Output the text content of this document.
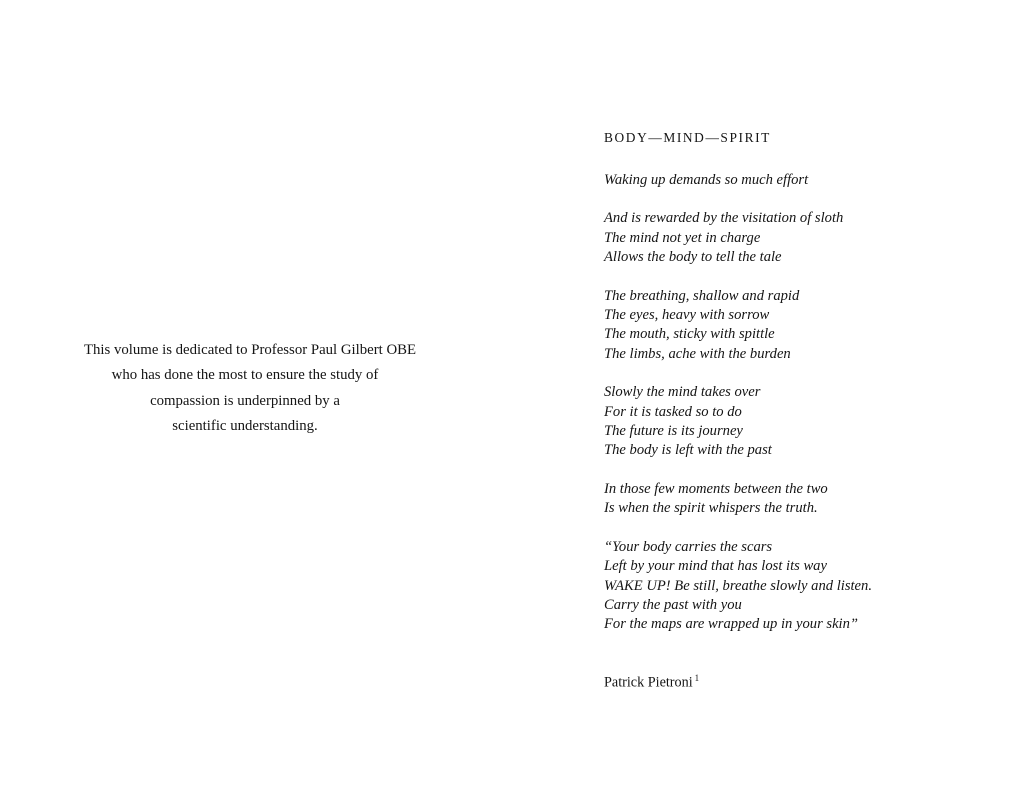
This volume is dedicated to Professor Paul Gilbert OBE
who has done the most to ensure the study of
compassion is underpinned by a
scientific understanding.
BODY—MIND—SPIRIT
Waking up demands so much effort
And is rewarded by the visitation of sloth
The mind not yet in charge
Allows the body to tell the tale
The breathing, shallow and rapid
The eyes, heavy with sorrow
The mouth, sticky with spittle
The limbs, ache with the burden
Slowly the mind takes over
For it is tasked so to do
The future is its journey
The body is left with the past
In those few moments between the two
Is when the spirit whispers the truth.
“Your body carries the scars
Left by your mind that has lost its way
WAKE UP! Be still, breathe slowly and listen.
Carry the past with you
For the maps are wrapped up in your skin”
Patrick Pietroni $^1$
